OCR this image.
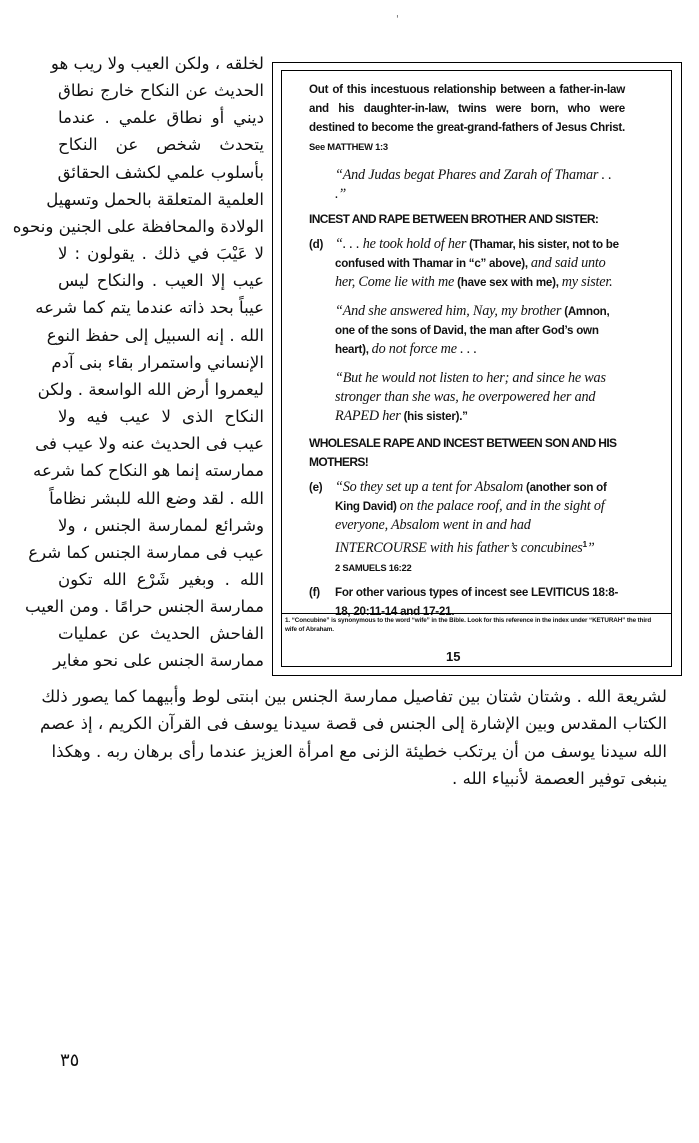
'
لخلقه ، ولكن العيب ولا ريب هو
الحديث عن النكاح خارج نطاق
ديني أو نطاق علمي . عندما
يتحدث شخص عن النكاح
بأسلوب علمي لكشف الحقائق
العلمية المتعلقة بالحمل وتسهيل
الولادة والمحافظة على الجنين ونحوه
لا عَيْبَ في ذلك . يقولون : لا
عيب إلا العيب . والنكاح ليس
عيباً بحد ذاته عندما يتم كما شرعه
الله . إنه السبيل إلى حفظ النوع
الإنساني واستمرار بقاء بنى آدم
ليعمروا أرض الله الواسعة . ولكن
النكاح الذى لا عيب فيه ولا
عيب فى الحديث عنه ولا عيب فى
ممارسته إنما هو النكاح كما شرعه
الله . لقد وضع الله للبشر نظاماً
وشرائع لممارسة الجنس ، ولا
عيب فى ممارسة الجنس كما شرع
الله . وبغير شَرْع الله تكون
ممارسة الجنس حرامًا . ومن العيب
الفاحش الحديث عن عمليات
ممارسة الجنس على نحو مغاير

Out of this incestuous relationship between a father-in-law and his daughter-in-law, twins were born, who were destined to become the great-grand-fathers of Jesus Christ. See MATTHEW 1:3

“And Judas begat Phares and Zarah of Thamar . . .”
INCEST AND RAPE BETWEEN BROTHER AND SISTER:
(d) “. . . he took hold of her (Thamar, his sister, not to be confused with Thamar in “c” above), and said unto her, Come lie with me (have sex with me), my sister.
“And she answered him, Nay, my brother (Amnon, one of the sons of David, the man after God’s own heart), do not force me . . .
“But he would not listen to her; and since he was stronger than she was, he overpowered her and RAPED her (his sister).”
WHOLESALE RAPE AND INCEST BETWEEN SON AND HIS MOTHERS!
(e) “So they set up a tent for Absalom (another son of King David) on the palace roof, and in the sight of everyone, Absalom went in and had INTERCOURSE with his father’s concubines$^1$”
2 SAMUELS 16:22
(f)	For other various types of incest see LEVITICUS 18:8-18, 20:11-14 and 17-21.
1. “Concubine” is synonymous to the word “wife” in the Bible. Look for this reference in the index under “KETURAH” the third wife of Abraham.
15
لشريعة الله . وشتان شتان بين تفاصيل ممارسة الجنس بين ابنتى لوط وأبيهما كما يصور ذلك
الكتاب المقدس وبين الإشارة إلى الجنس فى قصة سيدنا يوسف فى القرآن الكريم ، إذ عصم
الله سيدنا يوسف من أن يرتكب خطيئة الزنى مع امرأة العزيز عندما رأى برهان ربه . وهكذا
ينبغى توفير العصمة لأنبياء الله .
٣٥
